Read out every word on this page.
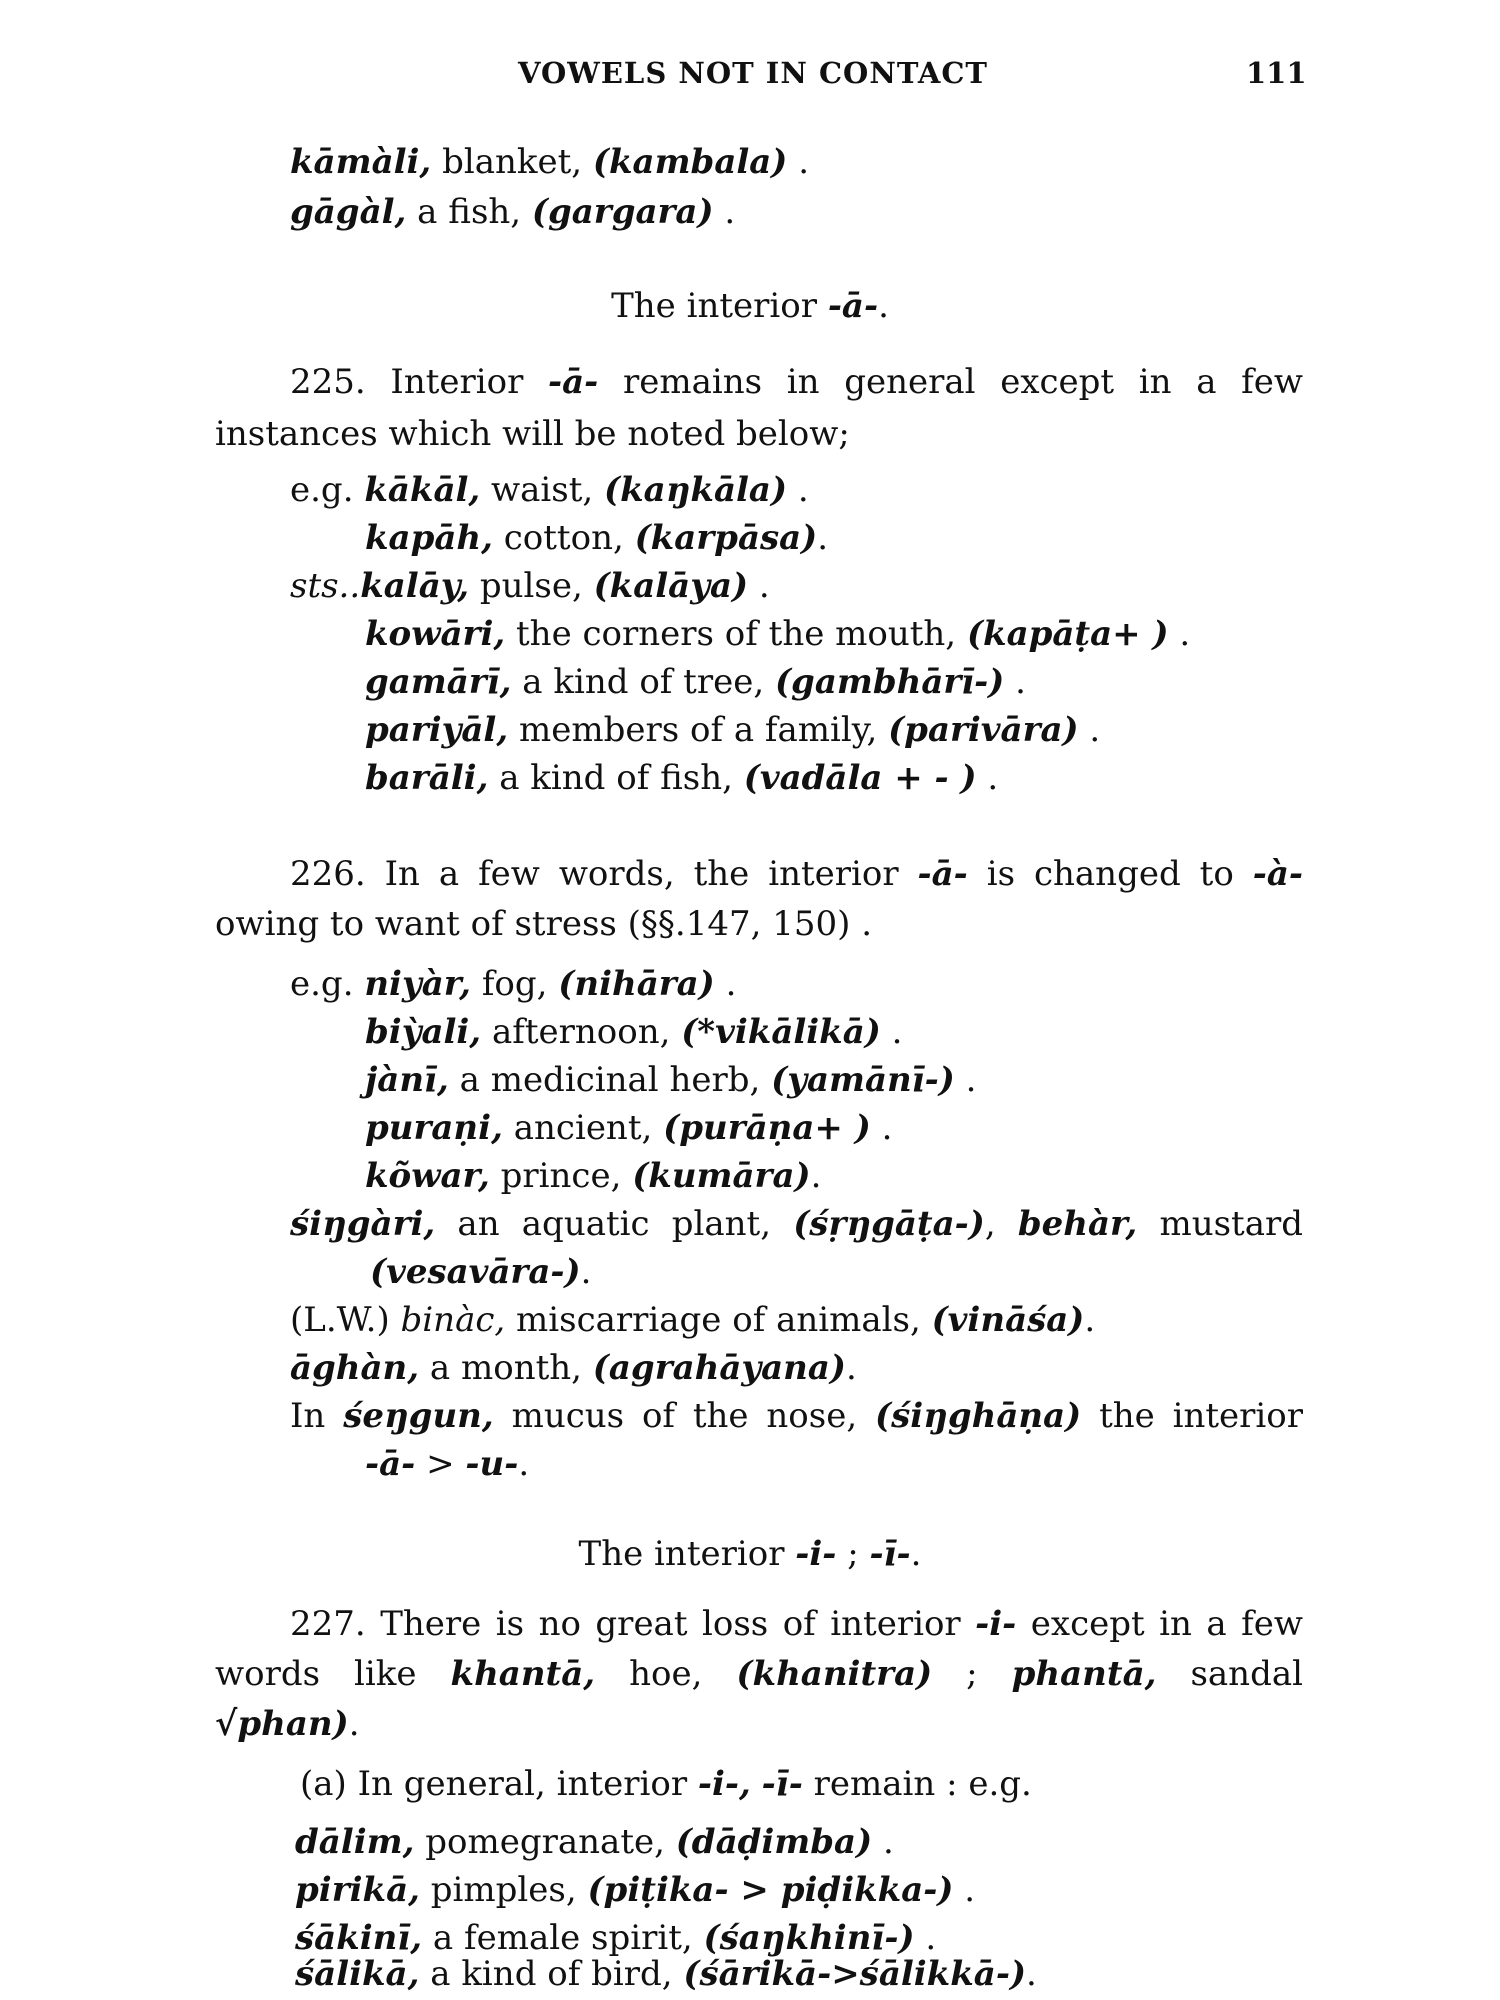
VOWELS NOT IN CONTACT	111
kāmàli, blanket, (kambala) .
gāgàl, a fish, (gargara) .
The interior -ā-.
225. Interior -ā- remains in general except in a few
instances which will be noted below;
e.g. kākāl, waist, (kaŋkāla) .
kapāh, cotton, (karpāsa).
sts..kalāy, pulse, (kalāya) .
kowāri, the corners of the mouth, (kapāṭa+ ) .
gamārī, a kind of tree, (gambhārī-) .
pariyāl, members of a family, (parivāra) .
barāli, a kind of fish, (vadāla + - ) .
226. In a few words, the interior -ā- is changed to -à-
owing to want of stress (§§.147, 150) .
e.g. niyàr, fog, (nihāra) .
biỳali, afternoon, (*vikālikā) .
jànī, a medicinal herb, (yamānī-) .
puraṇi, ancient, (purāṇa+ ) .
kõwar, prince, (kumāra).
śiŋgàri, an aquatic plant, (śṛŋgāṭa-), behàr, mustard
(vesavāra-).
(L.W.) binàc, miscarriage of animals, (vināśa).
āghàn, a month, (agrahāyana).
In śeŋgun, mucus of the nose, (śiŋghāṇa) the interior
-ā- > -u-.
The interior -i- ; -ī-.
227. There is no great loss of interior -i- except in a few
words like khantā, hoe, (khanitra) ; phantā, sandal
√phan).
(a) In general, interior -i-, -ī- remain : e.g.
dālim, pomegranate, (dāḍimba) .
pirikā, pimples, (piṭika- > piḍikka-) .
śākinī, a female spirit, (śaŋkhinī-) .
śālikā, a kind of bird, (śārikā->śālikkā-).
